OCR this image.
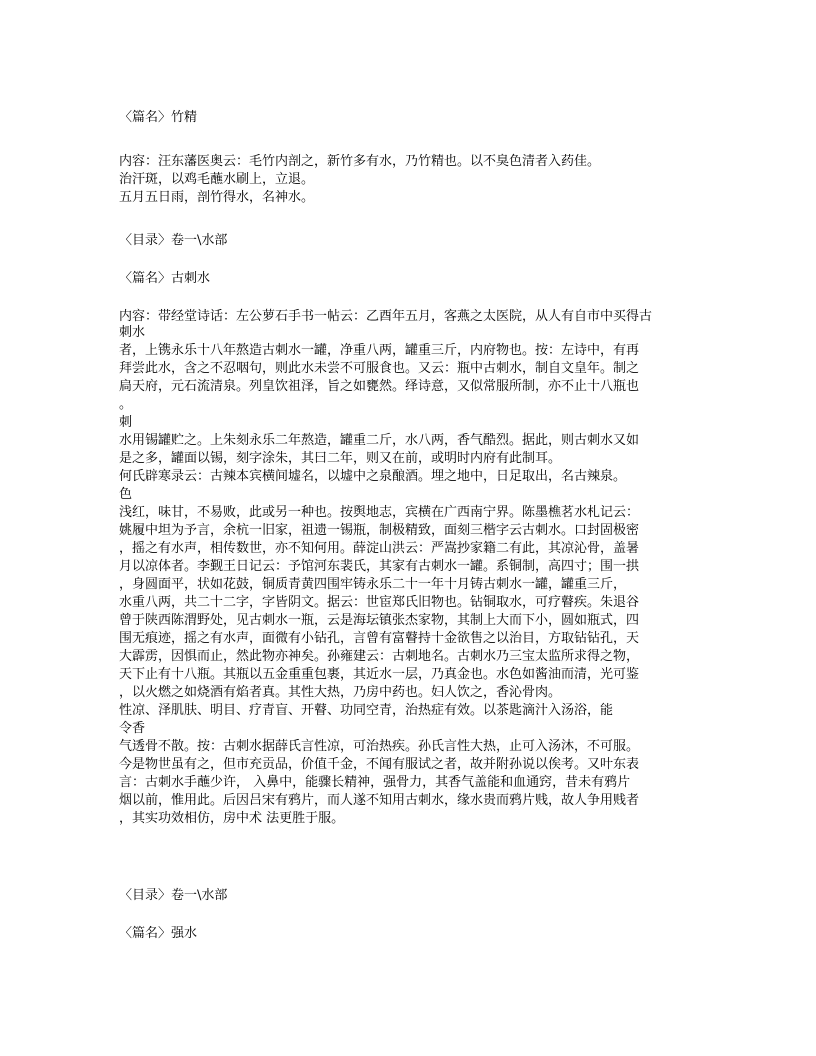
〈篇名〉竹精
内容：汪东藩医奥云：毛竹内剖之，新竹多有水，乃竹精也。以不臭色清者入药佳。
治汗斑，以鸡毛蘸水刷上，立退。
五月五日雨，剖竹得水，名神水。
〈目录〉卷一\水部
〈篇名〉古刺水
内容：带经堂诗话：左公萝石手书一帖云：乙酉年五月，客燕之太医院，从人有自市中买得古
刺水
者，上镌永乐十八年熬造古刺水一罐，净重八两，罐重三斤，内府物也。按：左诗中，有再
拜尝此水，含之不忍咽句，则此水未尝不可服食也。又云：瓶中古刺水，制自文皇年。制之
扃天府，元石流清泉。列皇饮祖泽，旨之如甕然。绎诗意，又似常服所制，亦不止十八瓶也
。
刺
水用锡罐贮之。上朱刻永乐二年熬造，罐重二斤，水八两，香气酷烈。据此，则古刺水又如
是之多，罐面以锡，刻字涂朱，其曰二年，则又在前，或明时内府有此制耳。
何氏辟寒录云：古辣本宾横间墟名，以墟中之泉酿酒。埋之地中，日足取出，名古辣泉。
色
浅红，味甘，不易败，此或另一种也。按舆地志，宾横在广西南宁界。陈墨樵茗水札记云：
姚履中坦为予言，余杭一旧家，祖遗一锡瓶，制极精致，面刻三楷字云古刺水。口封固极密
，摇之有水声，相传数世，亦不知何用。薛淀山洪云：严嵩抄家籍二有此，其凉沁骨，盖暑
月以凉体者。李觐王日记云：予馆河东裴氏，其家有古刺水一罐。系铜制，高四寸；围一拱
，身圆面平，状如花鼓，铜质青黄四围牢铸永乐二十一年十月铸古刺水一罐，罐重三斤，
水重八两，共二十二字，字皆阴文。据云：世宦郑氏旧物也。钻铜取水，可疗瞽疾。朱退谷
曾于陕西陈渭野处，见古刺水一瓶，云是海坛镇张杰家物，其制上大而下小，圆如瓶式，四
围无痕迹，摇之有水声，面微有小钻孔，言曾有富瞽持十金欲售之以治目，方取钻钻孔，天
大霹雳，因惧而止，然此物亦神矣。孙雍建云：古刺地名。古刺水乃三宝太监所求得之物，
天下止有十八瓶。其瓶以五金重重包裹，其近水一层，乃真金也。水色如酱油而清，光可鉴
，以火燃之如烧酒有焰者真。其性大热，乃房中药也。妇人饮之，香沁骨肉。
性凉、泽肌肤、明目、疗青盲、开瞽、功同空青，治热症有效。以茶匙滴汁入汤浴，能
令香
气透骨不散。按：古刺水据薛氏言性凉，可治热疾。孙氏言性大热，止可入汤沐，不可服。
今是物世虽有之，但市充贡品，价值千金，不闻有服试之者，故并附孙说以俟考。又叶东表
言：古刺水手蘸少许， 入鼻中，能骤长精神，强骨力，其香气盖能和血通窍，昔未有鸦片
烟以前，惟用此。后因吕宋有鸦片，而人遂不知用古刺水，缘水贵而鸦片贱，故人争用贱者
，其实功效相仿，房中术 法更胜于服。
〈目录〉卷一\水部
〈篇名〉强水
